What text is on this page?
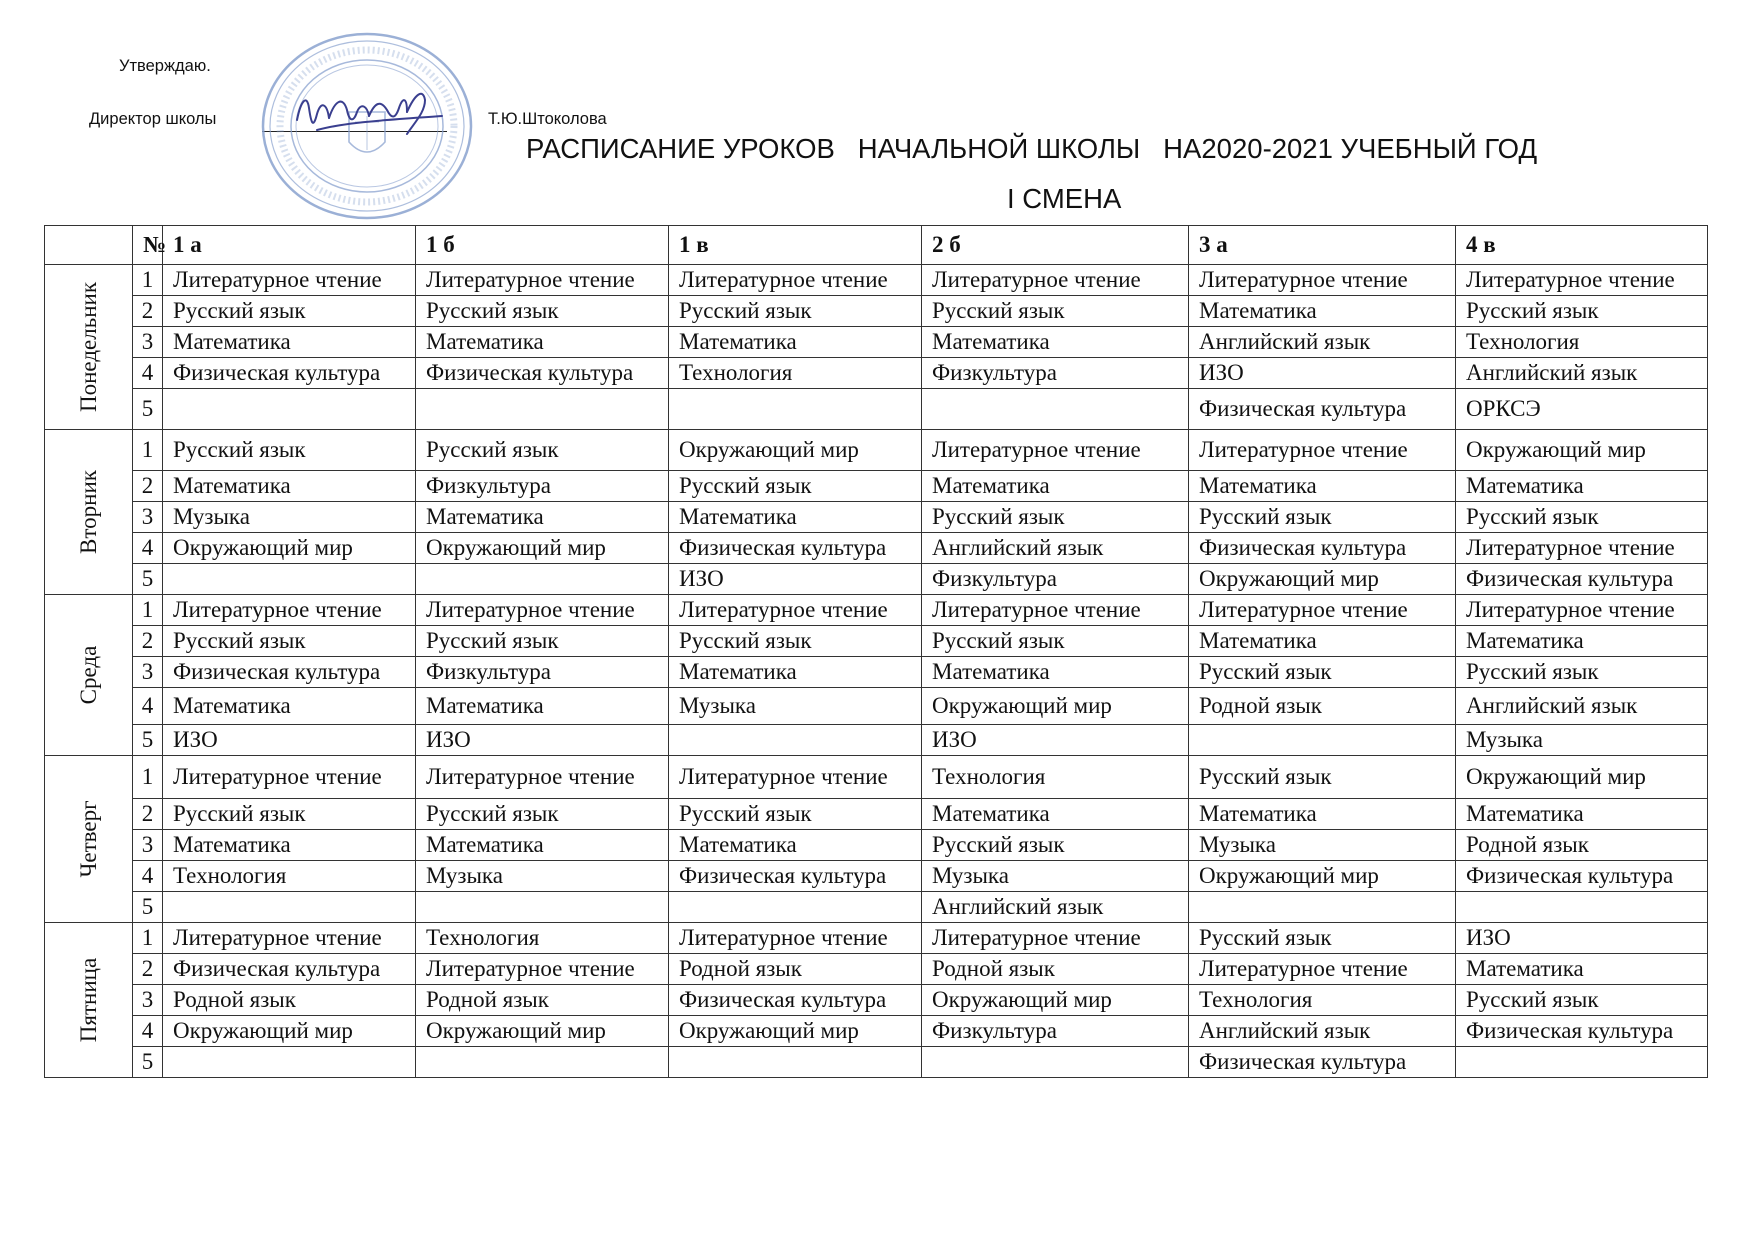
Утверждаю.
Директор школы	Т.Ю.Штоколова
РАСПИСАНИЕ УРОКОВ   НАЧАЛЬНОЙ ШКОЛЫ   НА2020-2021 УЧЕБНЫЙ ГОД
I СМЕНА
	№	1 а	1 б	1 в	2 б	3 а	4 в

Понедельник	1	Литературное чтение	Литературное чтение	Литературное чтение	Литературное чтение	Литературное чтение	Литературное чтение
	2	Русский язык	Русский язык	Русский язык	Русский язык	Математика	Русский язык
	3	Математика	Математика	Математика	Математика	Английский язык	Технология
	4	Физическая культура	Физическая культура	Технология	Физкультура	ИЗО	Английский язык
	5					Физическая культура	ОРКСЭ

Вторник	1	Русский язык	Русский язык	Окружающий мир	Литературное чтение	Литературное чтение	Окружающий мир
	2	Математика	Физкультура	Русский язык	Математика	Математика	Математика
	3	Музыка	Математика	Математика	Русский язык	Русский язык	Русский язык
	4	Окружающий мир	Окружающий мир	Физическая культура	Английский язык	Физическая культура	Литературное чтение
	5			ИЗО	Физкультура	Окружающий мир	Физическая культура

Среда	1	Литературное чтение	Литературное чтение	Литературное чтение	Литературное чтение	Литературное чтение	Литературное чтение
	2	Русский язык	Русский язык	Русский язык	Русский язык	Математика	Математика
	3	Физическая культура	Физкультура	Математика	Математика	Русский язык	Русский язык
	4	Математика	Математика	Музыка	Окружающий мир	Родной язык	Английский язык
	5	ИЗО	ИЗО		ИЗО		Музыка

Четверг	1	Литературное чтение	Литературное чтение	Литературное чтение	Технология	Русский язык	Окружающий мир
	2	Русский язык	Русский язык	Русский язык	Математика	Математика	Математика
	3	Математика	Математика	Математика	Русский язык	Музыка	Родной язык
	4	Технология	Музыка	Физическая культура	Музыка	Окружающий мир	Физическая культура
	5				Английский язык		

Пятница	1	Литературное чтение	Технология	Литературное чтение	Литературное чтение	Русский язык	ИЗО
	2	Физическая культура	Литературное чтение	Родной язык	Родной язык	Литературное чтение	Математика
	3	Родной язык	Родной язык	Физическая культура	Окружающий мир	Технология	Русский язык
	4	Окружающий мир	Окружающий мир	Окружающий мир	Физкультура	Английский язык	Физическая культура
	5					Физическая культура	
